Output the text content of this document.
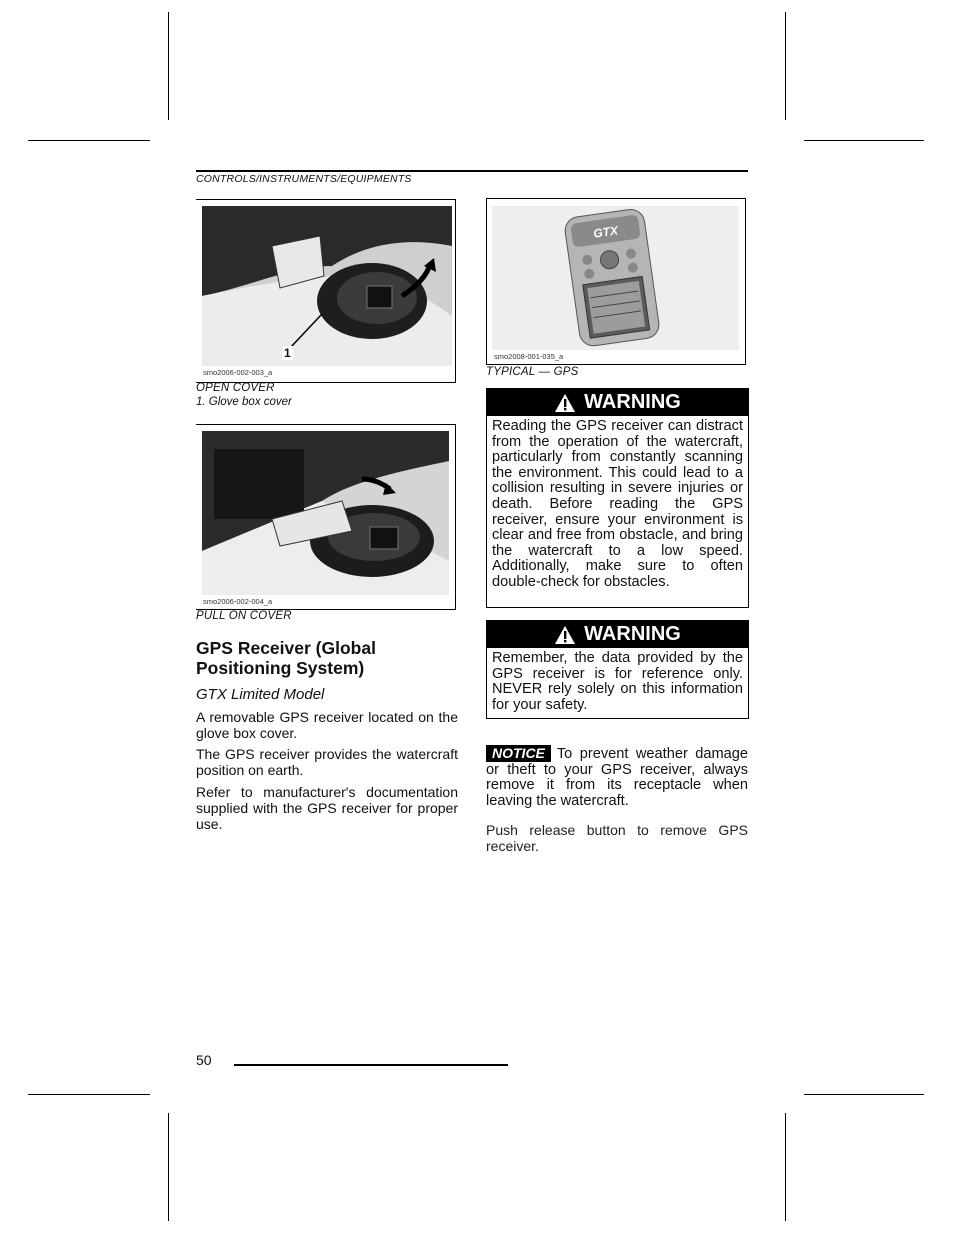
CONTROLS/INSTRUMENTS/EQUIPMENTS
1
smo2006-002-003_a
OPEN COVER
1. Glove box cover
smo2006-002-004_a
PULL ON COVER
GPS Receiver (Global Positioning System)
GTX Limited Model

A removable GPS receiver located on the glove box cover.

The GPS receiver provides the watercraft position on earth.

Refer to manufacturer's documentation supplied with the GPS receiver for proper use.

GTX
smo2008-001-035_a
TYPICAL — GPS
WARNING
Reading the GPS receiver can distract from the operation of the watercraft, particularly from constantly scanning the environment. This could lead to a collision resulting in severe injuries or death. Before reading the GPS receiver, ensure your environment is clear and free from obstacle, and bring the watercraft to a low speed. Additionally, make sure to often double-check for obstacles.
WARNING
Remember, the data provided by the GPS receiver is for reference only. NEVER rely solely on this information for your safety.
NOTICE To prevent weather damage or theft to your GPS receiver, always remove it from its receptacle when leaving the watercraft.

Push release button to remove GPS receiver.

50
